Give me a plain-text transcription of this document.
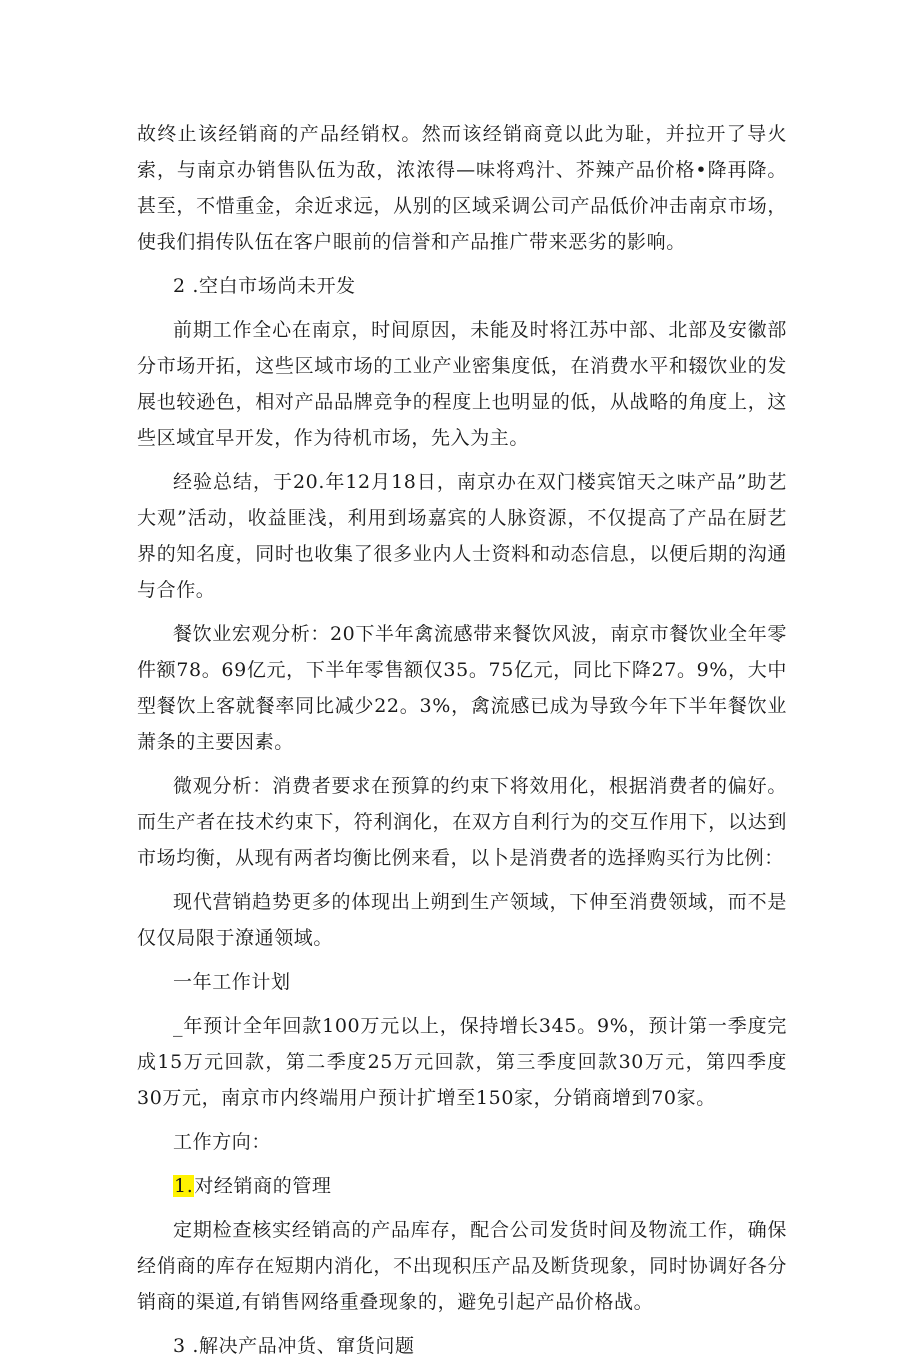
故终止该经销商的产品经销权。然而该经销商竟以此为耻，并拉开了导火索，与南京办销售队伍为敌，浓浓得—味将鸡汁、芥辣产品价格•降再降。甚至，不惜重金，余近求远，从别的区域采调公司产品低价冲击南京市场，使我们捐传队伍在客户眼前的信誉和产品推广带来恶劣的影响。

2 .空白市场尚未开发

前期工作全心在南京，时间原因，未能及时将江苏中部、北部及安徽部分市场开拓，这些区域市场的工业产业密集度低，在消费水平和辍饮业的发展也较逊色，相对产品品牌竞争的程度上也明显的低，从战略的角度上，这些区域宜早开发，作为待机市场，先入为主。

经验总结，于20.年12月18日，南京办在双门楼宾馆天之味产品”助艺大观”活动，收益匪浅，利用到场嘉宾的人脉资源，不仅提高了产品在厨艺界的知名度，同时也收集了很多业内人士资料和动态信息，以便后期的沟通与合作。

餐饮业宏观分析：20下半年禽流感带来餐饮风波，南京市餐饮业全年零件额78。69亿元，下半年零售额仅35。75亿元，同比下降27。9%，大中型餐饮上客就餐率同比减少22。3%，禽流感已成为导致今年下半年餐饮业萧条的主要因素。

微观分析：消费者要求在预算的约束下将效用化，根据消费者的偏好。而生产者在技术约束下，符利润化，在双方自利行为的交互作用下，以达到市场均衡，从现有两者均衡比例来看，以卜是消费者的选择购买行为比例：

现代营销趋势更多的体现出上朔到生产领域，下伸至消费领域，而不是仅仅局限于潦通领域。

一年工作计划

_年预计全年回款100万元以上，保持增长345。9%，预计第一季度完成15万元回款，第二季度25万元回款，第三季度回款30万元，第四季度30万元，南京市内终端用户预计扩增至150家，分销商增到70家。

工作方向：

1.对经销商的管理

定期检查核实经销高的产品库存，配合公司发货时间及物流工作，确保经俏商的库存在短期内消化，不出现积压产品及断货现象，同时协调好各分销商的渠道,有销售网络重叠现象的，避免引起产品价格战。

3 .解决产品冲货、窜货问题
